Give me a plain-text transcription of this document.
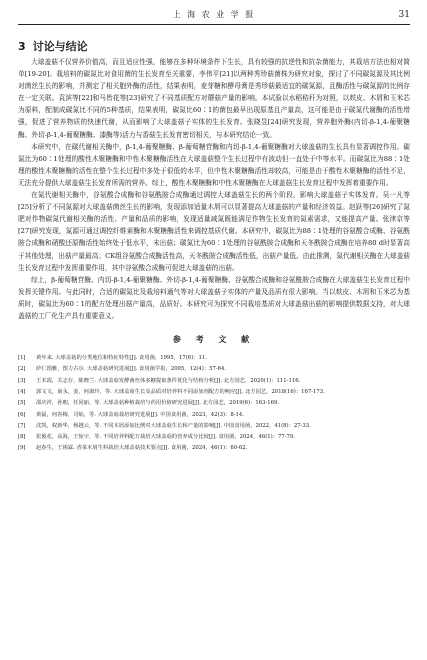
上 海 农 业 学 报	31
3 讨论与结论

大球盖菇不仅营养价值高，而且适应性强，能够在多种环境条件下生长，具有较强的抗逆性和抗杂菌能力，其栽培方法也相对简单[19-20]。栽培料的碳氮比对食用菌的生长发育至关重要，李伟平[21]以两种秀珍菇菌株为研究对象，探讨了不同碳氮源及其比例对菌丝生长的影响，并测定了相关胞外酶的活性，结果表明，麦芽糖和酵母膏是秀珍菇最适宜的碳氮源，且酶活性与碳氮源的比例存在一定关联。袁滨等[22]和马皆花等[23]研究了不同基质配方对蘑菇产量的影响。本试验以水稻秸秆为对照，以麸皮、木屑和玉米芯为原料，配制成碳氮比不同的5种基质，结果表明，碳氮比60∶1的菌包最早出现原基且产量高，这可能是由于碳氮代谢酶的活性增强，促进了营养物质的快速代谢，从而影响了大球盖菇子实体的生长发育。张晓昱[24]研究发现，营养胞外酶(内切-β-1,4-葡聚糖酶、外切-β-1,4-葡聚糖酶、漆酶等)活力与香菇生长发育密切相关，与本研究结论一致。

本研究中，在碳代谢相关酶中，β-1,4-葡聚糖酶、β-葡萄糖苷酶和内切-β-1,4-葡聚糖酶对大球盖菇的生长具有显著调控作用。碳氮比为60∶1处理的酸性木聚糖酶和中性木聚糖酶活性在大球盖菇整个生长过程中有波动但一直处于中等水平。而碳氮比为88∶1处理的酸性木聚糖酶的活性在整个生长过程中多处于很低的水平，但中性木聚糖酶活性却较高，可能是由于酸性木聚糖酶的活性不足，无法充分提供大球盖菇生长发育所需的营养。综上，酸性木聚糖酶和中性木聚糖酶在大球盖菇生长发育过程中发挥着重要作用。

在氮代谢相关酶中，谷氨酸合成酶和谷氨酰胺合成酶通过调控大球盖菇生长的两个阶段，影响大球盖菇子实体发育。吴一凡等[25]分析了不同氮源对大球盖菇菌丝生长的影响，发现添加适量木屑可以显著提高大球盖菇的产量和经济效益。赵跃等[26]研究了氮肥对作物碳氮代谢相关酶的活性、产量和品质的影响，发现适量减氮既能满足作物生长发育的氮素需求，又能提高产量。张津京等[27]研究发现，氮源可通过调控纤维素酶和木聚糖酶活性来调控基质代谢。本研究中，碳氮比为88∶1处理的谷氨酸合成酶、谷氨酰胺合成酶和硝酸还原酶活性始终处于低水平，未出菇；碳氮比为60∶1处理的谷氨酰胺合成酶和天冬酰胺合成酶在培养80 d时显著高于其他处理，出菇产量最高；CK组谷氨酸合成酶活性高，天冬酰胺合成酶活性低，出菇产量低。由此推测，氮代谢相关酶在大球盖菇生长发育过程中发挥重要作用，其中谷氨酸合成酶可促进大球盖菇的出菇。

综上，β-葡萄糖苷酶、内切-β-1,4-葡聚糖酶、外切-β-1,4-葡聚糖酶、谷氨酸合成酶和谷氨酰胺合成酶在大球盖菇生长发育过程中发挥关键作用。与此同时，合适的碳氮比及栽培料通气等对大球盖菇子实体的产量及品质有很大影响。当以麸皮、木屑和玉米芯为基质时，碳氮比为60∶1的配方处理出菇产量高，品质好。本研究可为探究不同栽培基质对大球盖菇出菇的影响提供数据支持，对大球盖菇的工厂化生产具有重要意义。

参 考 文 献
[1] 黄年来. 大球盖菇的分类地位和特征特性[J]. 食用菌，1995，17(6)：11.
[2] 萨仁图雅，图力古尔. 大球盖菇研究进展[J]. 食用菌学报，2005，12(4)：57-64.
[3] 王术霞，关志存，陈晓兰. 大球盖菇发酵菌丝体多糖提取条件优化与结构分析[J]. 北方园艺，2020(1)：111-116.
[4] 郭文文，俞永，姜，何淑玲，等. 大球盖菇生长及品质对培养料不同添加剂配方的响应[J]. 北方园艺，2018(16)：167-173.
[5] 邵庆祥，孙朝，任同丽，等. 大球盖菇种植栽培与药用价值研究进展[J]. 北方园艺，2019(6)：163-169.
[6] 黄磊，何春梅，司灿，等. 大球盖菇栽培研究进展[J]. 中国食用菌，2023，42(3)：8-14.
[7] 沈凯，权新华，杨越云，等. 不同木屑添加比例对大球盖菇生长和产量的影响[J]. 中国食用菌，2022，41(8)：27-33.
[8] 张俊花，高海，王惊宇，等. 不同培养料配方栽培大球盖菇的营养成分比较[J]. 食用菌，2024，46(1)：77-79.
[9] 赵春生，王锡霖. 香菜木屑生料栽培大球盖菇技术要点[J]. 食用菌，2024，46(1)：60-62.
